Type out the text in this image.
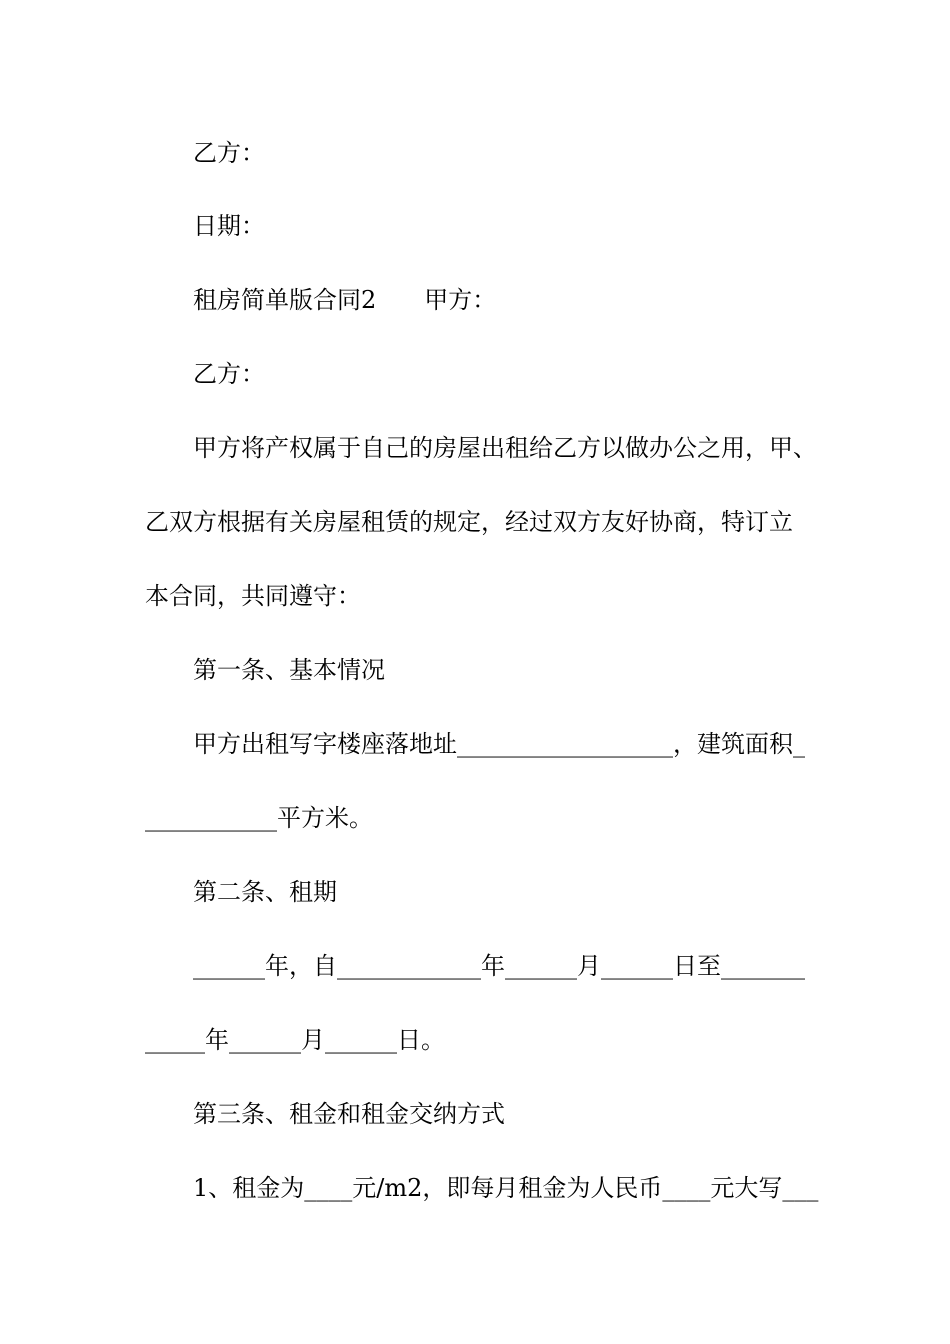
乙方：
日期：
租房简单版合同2　　甲方：
乙方：
甲方将产权属于自己的房屋出租给乙方以做办公之用，甲、
乙双方根据有关房屋租赁的规定，经过双方友好协商，特订立
本合同，共同遵守：
第一条、基本情况
甲方出租写字楼座落地址__________________，建筑面积_
___________平方米。
第二条、租期
______年，自____________年______月______日至_______
_____年______月______日。
第三条、租金和租金交纳方式
1、租金为____元/m2，即每月租金为人民币____元大写___
